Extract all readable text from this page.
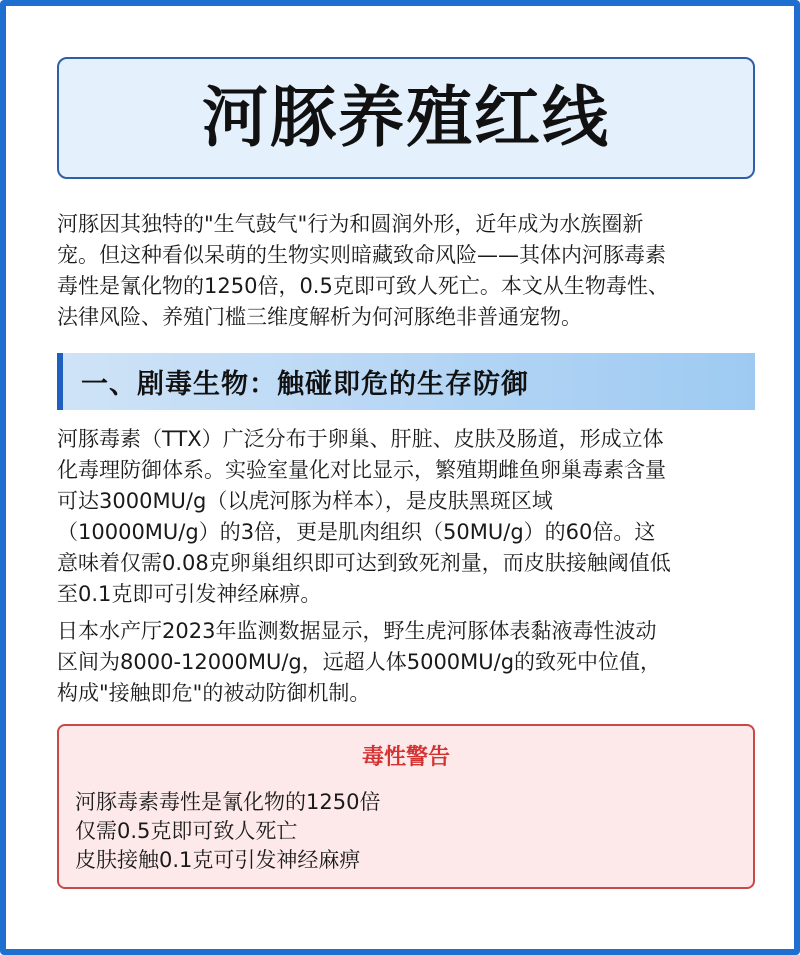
河豚养殖红线

河豚因其独特的"生气鼓气"行为和圆润外形，近年成为水族圈新
宠。但这种看似呆萌的生物实则暗藏致命风险——其体内河豚毒素
毒性是氰化物的1250倍，0.5克即可致人死亡。本文从生物毒性、
法律风险、养殖门槛三维度解析为何河豚绝非普通宠物。

一、剧毒生物：触碰即危的生存防御

河豚毒素（TTX）广泛分布于卵巢、肝脏、皮肤及肠道，形成立体
化毒理防御体系。实验室量化对比显示，繁殖期雌鱼卵巢毒素含量
可达3000MU/g（以虎河豚为样本），是皮肤黑斑区域
（10000MU/g）的3倍，更是肌肉组织（50MU/g）的60倍。这
意味着仅需0.08克卵巢组织即可达到致死剂量，而皮肤接触阈值低
至0.1克即可引发神经麻痹。

日本水产厅2023年监测数据显示，野生虎河豚体表黏液毒性波动
区间为8000-12000MU/g，远超人体5000MU/g的致死中位值，
构成"接触即危"的被动防御机制。

毒性警告
河豚毒素毒性是氰化物的1250倍
仅需0.5克即可致人死亡
皮肤接触0.1克可引发神经麻痹
